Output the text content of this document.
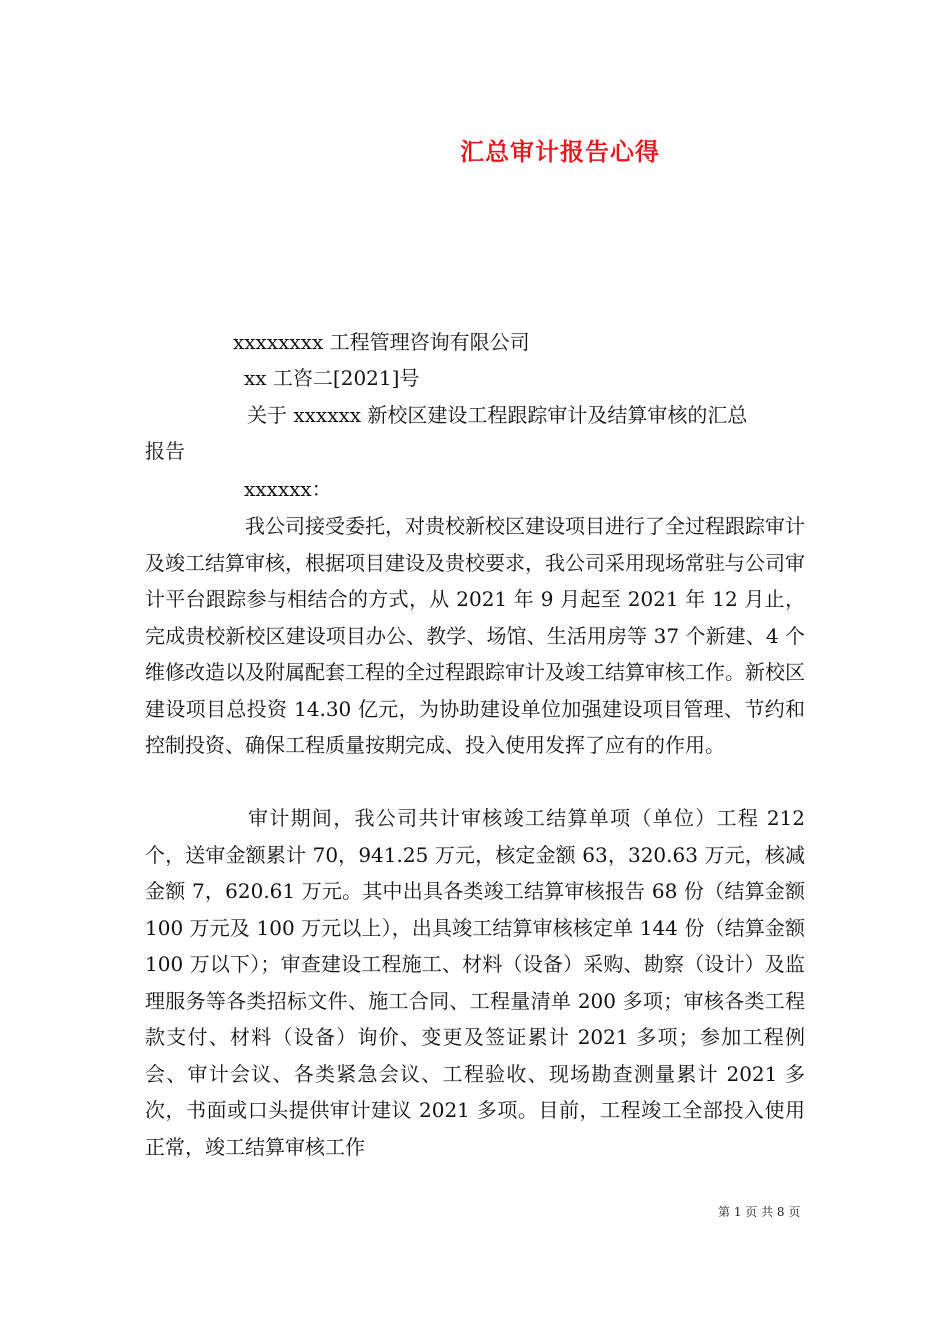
汇总审计报告心得
xxxxxxxx 工程管理咨询有限公司
xx 工咨二[2021]号
关于 xxxxxx 新校区建设工程跟踪审计及结算审核的汇总
报告
xxxxxx：
我公司接受委托，对贵校新校区建设项目进行了全过程跟踪审计及竣工结算审核，根据项目建设及贵校要求，我公司采用现场常驻与公司审计平台跟踪参与相结合的方式，从 2021 年 9 月起至 2021 年 12 月止，完成贵校新校区建设项目办公、教学、场馆、生活用房等 37 个新建、4 个维修改造以及附属配套工程的全过程跟踪审计及竣工结算审核工作。新校区建设项目总投资 14.30 亿元，为协助建设单位加强建设项目管理、节约和控制投资、确保工程质量按期完成、投入使用发挥了应有的作用。
审计期间，我公司共计审核竣工结算单项（单位）工程 212 个，送审金额累计 70，941.25 万元，核定金额 63，320.63 万元，核减金额 7，620.61 万元。其中出具各类竣工结算审核报告 68 份（结算金额 100 万元及 100 万元以上），出具竣工结算审核核定单 144 份（结算金额 100 万以下）；审查建设工程施工、材料（设备）采购、勘察（设计）及监理服务等各类招标文件、施工合同、工程量清单 200 多项；审核各类工程款支付、材料（设备）询价、变更及签证累计 2021 多项；参加工程例会、审计会议、各类紧急会议、工程验收、现场勘查测量累计 2021 多次，书面或口头提供审计建议 2021 多项。目前，工程竣工全部投入使用正常，竣工结算审核工作
第 1 页 共 8 页
